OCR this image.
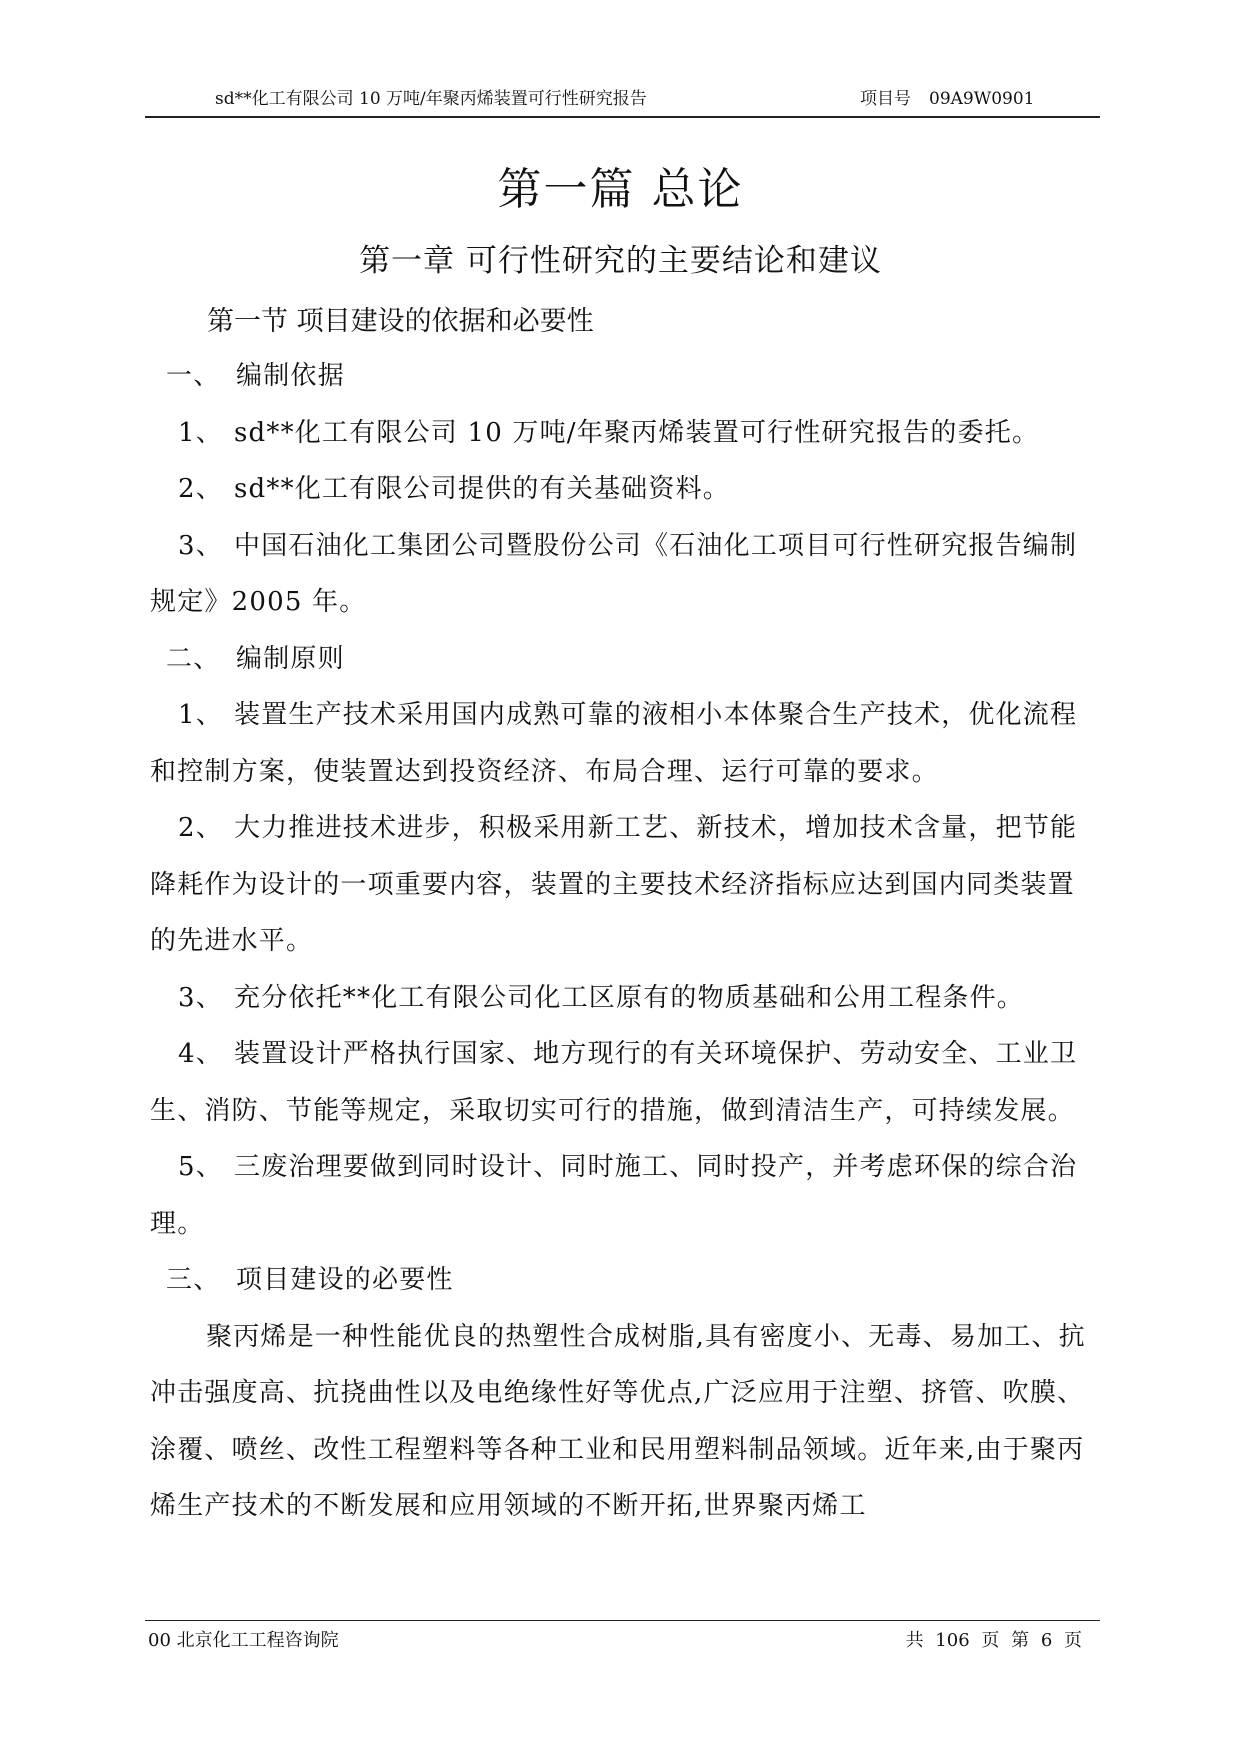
sd**化工有限公司 10 万吨/年聚丙烯装置可行性研究报告	项目号 09A9W0901
第一篇 总论
第一章 可行性研究的主要结论和建议
第一节 项目建设的依据和必要性

一、 编制依据

1、 sd**化工有限公司 10 万吨/年聚丙烯装置可行性研究报告的委托。

2、 sd**化工有限公司提供的有关基础资料。

3、 中国石油化工集团公司暨股份公司《石油化工项目可行性研究报告编制规定》2005 年。

二、 编制原则

1、 装置生产技术采用国内成熟可靠的液相小本体聚合生产技术，优化流程和控制方案，使装置达到投资经济、布局合理、运行可靠的要求。

2、 大力推进技术进步，积极采用新工艺、新技术，增加技术含量，把节能降耗作为设计的一项重要内容，装置的主要技术经济指标应达到国内同类装置的先进水平。

3、 充分依托**化工有限公司化工区原有的物质基础和公用工程条件。

4、 装置设计严格执行国家、地方现行的有关环境保护、劳动安全、工业卫生、消防、节能等规定，采取切实可行的措施，做到清洁生产，可持续发展。

5、 三废治理要做到同时设计、同时施工、同时投产，并考虑环保的综合治理。

三、 项目建设的必要性

聚丙烯是一种性能优良的热塑性合成树脂,具有密度小、无毒、易加工、抗冲击强度高、抗挠曲性以及电绝缘性好等优点,广泛应用于注塑、挤管、吹膜、涂覆、喷丝、改性工程塑料等各种工业和民用塑料制品领域。近年来,由于聚丙烯生产技术的不断发展和应用领域的不断开拓,世界聚丙烯工

00 北京化工工程咨询院	共 106 页 第 6 页
